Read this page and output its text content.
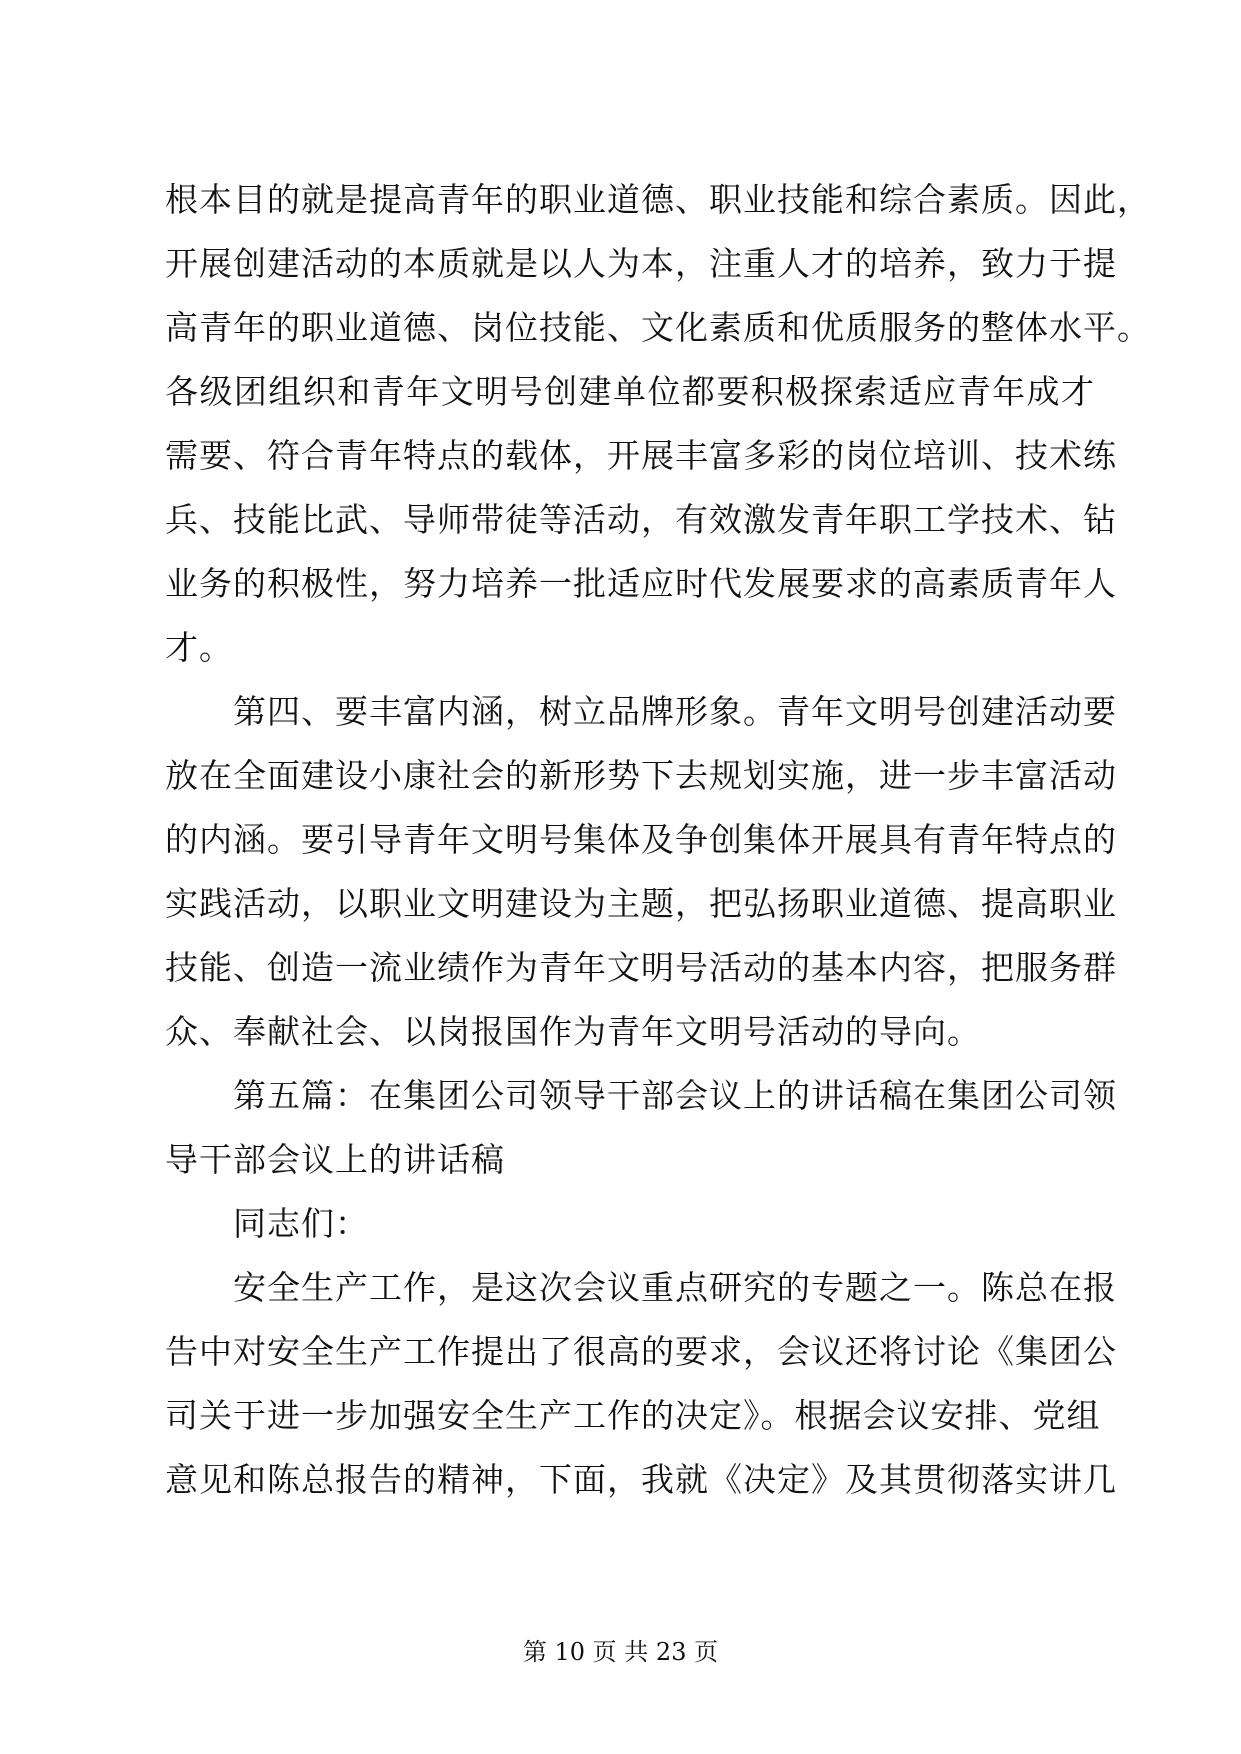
根本目的就是提高青年的职业道德、职业技能和综合素质。因此，
开展创建活动的本质就是以人为本，注重人才的培养，致力于提
高青年的职业道德、岗位技能、文化素质和优质服务的整体水平。
各级团组织和青年文明号创建单位都要积极探索适应青年成才
需要、符合青年特点的载体，开展丰富多彩的岗位培训、技术练
兵、技能比武、导师带徒等活动，有效激发青年职工学技术、钻
业务的积极性，努力培养一批适应时代发展要求的高素质青年人
才。
第四、要丰富内涵，树立品牌形象。青年文明号创建活动要
放在全面建设小康社会的新形势下去规划实施，进一步丰富活动
的内涵。要引导青年文明号集体及争创集体开展具有青年特点的
实践活动，以职业文明建设为主题，把弘扬职业道德、提高职业
技能、创造一流业绩作为青年文明号活动的基本内容，把服务群
众、奉献社会、以岗报国作为青年文明号活动的导向。
第五篇：在集团公司领导干部会议上的讲话稿在集团公司领
导干部会议上的讲话稿
同志们：
安全生产工作，是这次会议重点研究的专题之一。陈总在报
告中对安全生产工作提出了很高的要求，会议还将讨论《集团公
司关于进一步加强安全生产工作的决定》。根据会议安排、党组
意见和陈总报告的精神，下面，我就《决定》及其贯彻落实讲几
第 10 页 共 23 页
